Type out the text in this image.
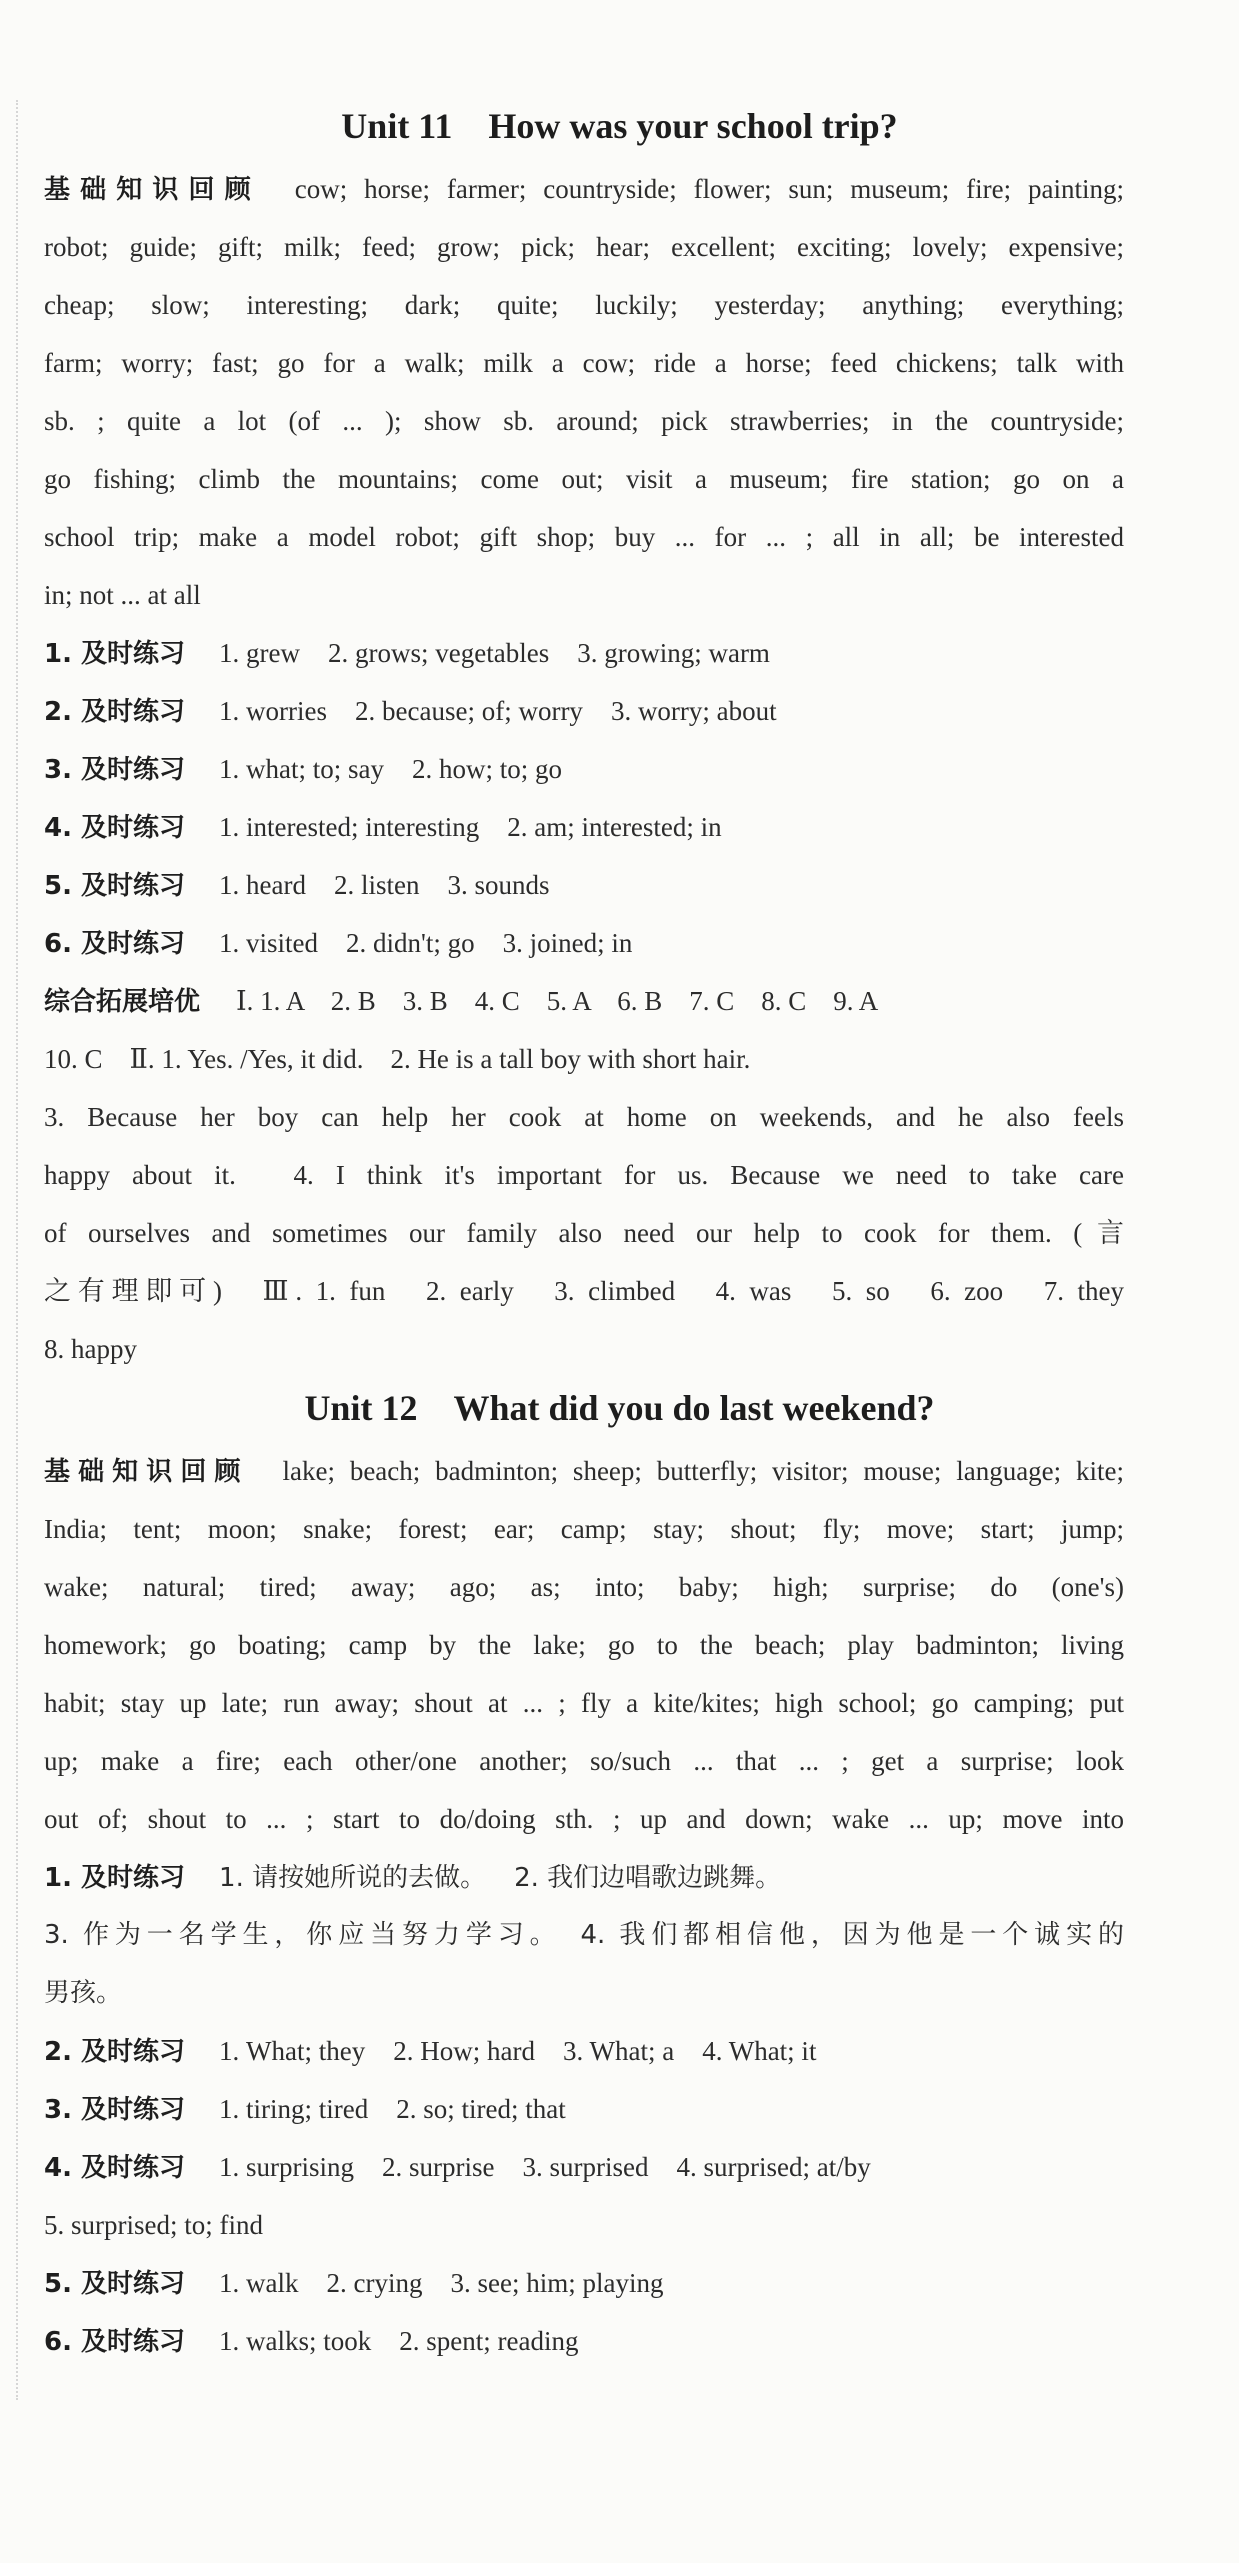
Unit 11　How was your school trip?
基础知识回顾 cow; horse; farmer; countryside; flower; sun; museum; fire; painting;
robot; guide; gift; milk; feed; grow; pick; hear; excellent; exciting; lovely; expensive;
cheap; slow; interesting; dark; quite; luckily; yesterday; anything; everything;
farm; worry; fast; go for a walk; milk a cow; ride a horse; feed chickens; talk with
sb. ; quite a lot (of ... ); show sb. around; pick strawberries; in the countryside;
go fishing; climb the mountains; come out; visit a museum; fire station; go on a
school trip; make a model robot; gift shop; buy ... for ... ; all in all; be interested
in; not ... at all
1. 及时练习 1. grew 2. grows; vegetables 3. growing; warm
2. 及时练习 1. worries 2. because; of; worry 3. worry; about
3. 及时练习 1. what; to; say 2. how; to; go
4. 及时练习 1. interested; interesting 2. am; interested; in
5. 及时练习 1. heard 2. listen 3. sounds
6. 及时练习 1. visited 2. didn't; go 3. joined; in
综合拓展培优 Ⅰ. 1. A　2. B　3. B　4. C　5. A　6. B　7. C　8. C　9. A
10. C　Ⅱ. 1. Yes. /Yes, it did.　2. He is a tall boy with short hair.
3. Because her boy can help her cook at home on weekends, and he also feels
happy about it.　4. I think it's important for us. Because we need to take care
of ourselves and sometimes our family also need our help to cook for them. (言
之有理即可)　Ⅲ. 1. fun　2. early　3. climbed　4. was　5. so　6. zoo　7. they
8. happy
Unit 12　What did you do last weekend?
基础知识回顾 lake; beach; badminton; sheep; butterfly; visitor; mouse; language; kite;
India; tent; moon; snake; forest; ear; camp; stay; shout; fly; move; start; jump;
wake; natural; tired; away; ago; as; into; baby; high; surprise; do (one's)
homework; go boating; camp by the lake; go to the beach; play badminton; living
habit; stay up late; run away; shout at ... ; fly a kite/kites; high school; go camping; put
up; make a fire; each other/one another; so/such ... that ... ; get a surprise; look
out of; shout to ... ; start to do/doing sth. ; up and down; wake ... up; move into
1. 及时练习 1. 请按她所说的去做。 2. 我们边唱歌边跳舞。
3. 作为一名学生，你应当努力学习。　4. 我们都相信他，因为他是一个诚实的
男孩。
2. 及时练习 1. What; they 2. How; hard 3. What; a 4. What; it
3. 及时练习 1. tiring; tired 2. so; tired; that
4. 及时练习 1. surprising 2. surprise 3. surprised 4. surprised; at/by
5. surprised; to; find
5. 及时练习 1. walk 2. crying 3. see; him; playing
6. 及时练习 1. walks; took 2. spent; reading
